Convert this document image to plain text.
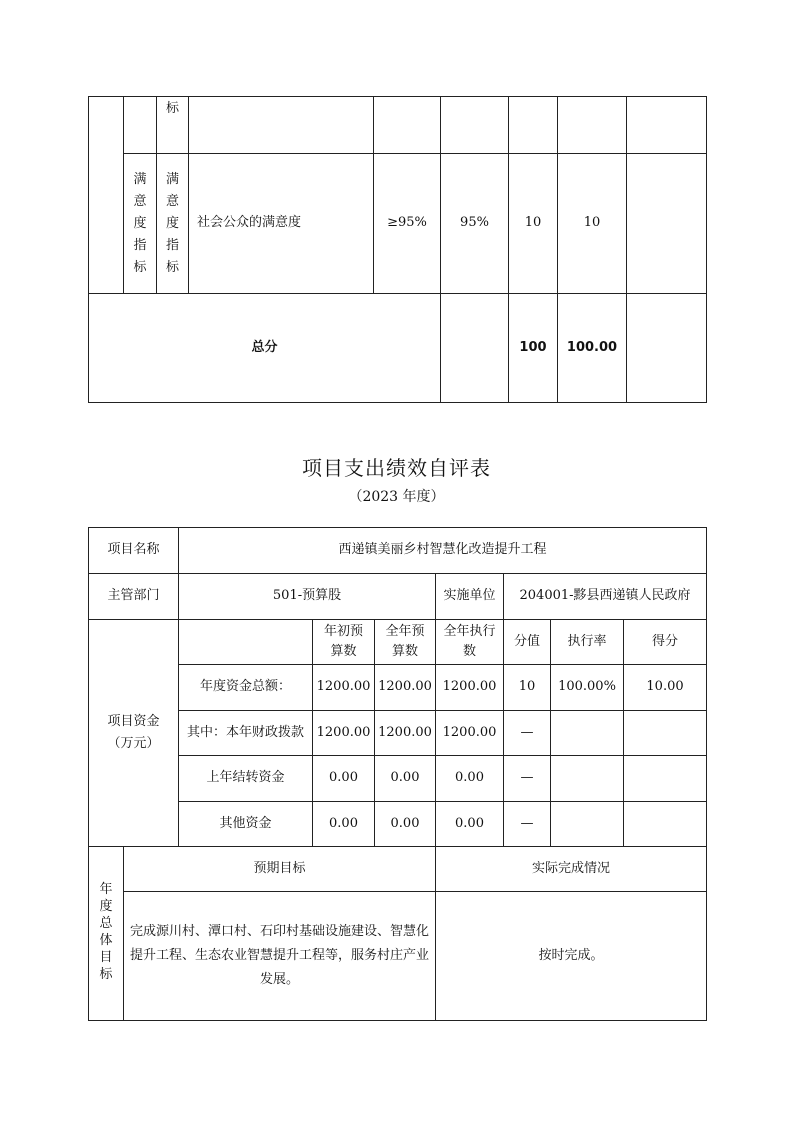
		标						
	满意度指标	满意度指标	社会公众的满意度	≥95%	95%	10	10	
总分						100	100.00	
项目支出绩效自评表
（2023 年度）
项目名称		西递镇美丽乡村智慧化改造提升工程						
主管部门		501-预算股			实施单位	204001-黟县西递镇人民政府		

项目资金（万元）			年初预算数	全年预算数	全年执行数	分值	执行率	得分
		年度资金总额：	1200.00	1200.00	1200.00	10	100.00%	10.00
		其中：本年财政拨款	1200.00	1200.00	1200.00	—		
		上年结转资金	0.00	0.00	0.00	—		
		其他资金	0.00	0.00	0.00	—		
年度总体目标	预期目标				实际完成情况			
	完成源川村、潭口村、石印村基础设施建设、智慧化提升工程、生态农业智慧提升工程等，服务村庄产业发展。				按时完成。			
